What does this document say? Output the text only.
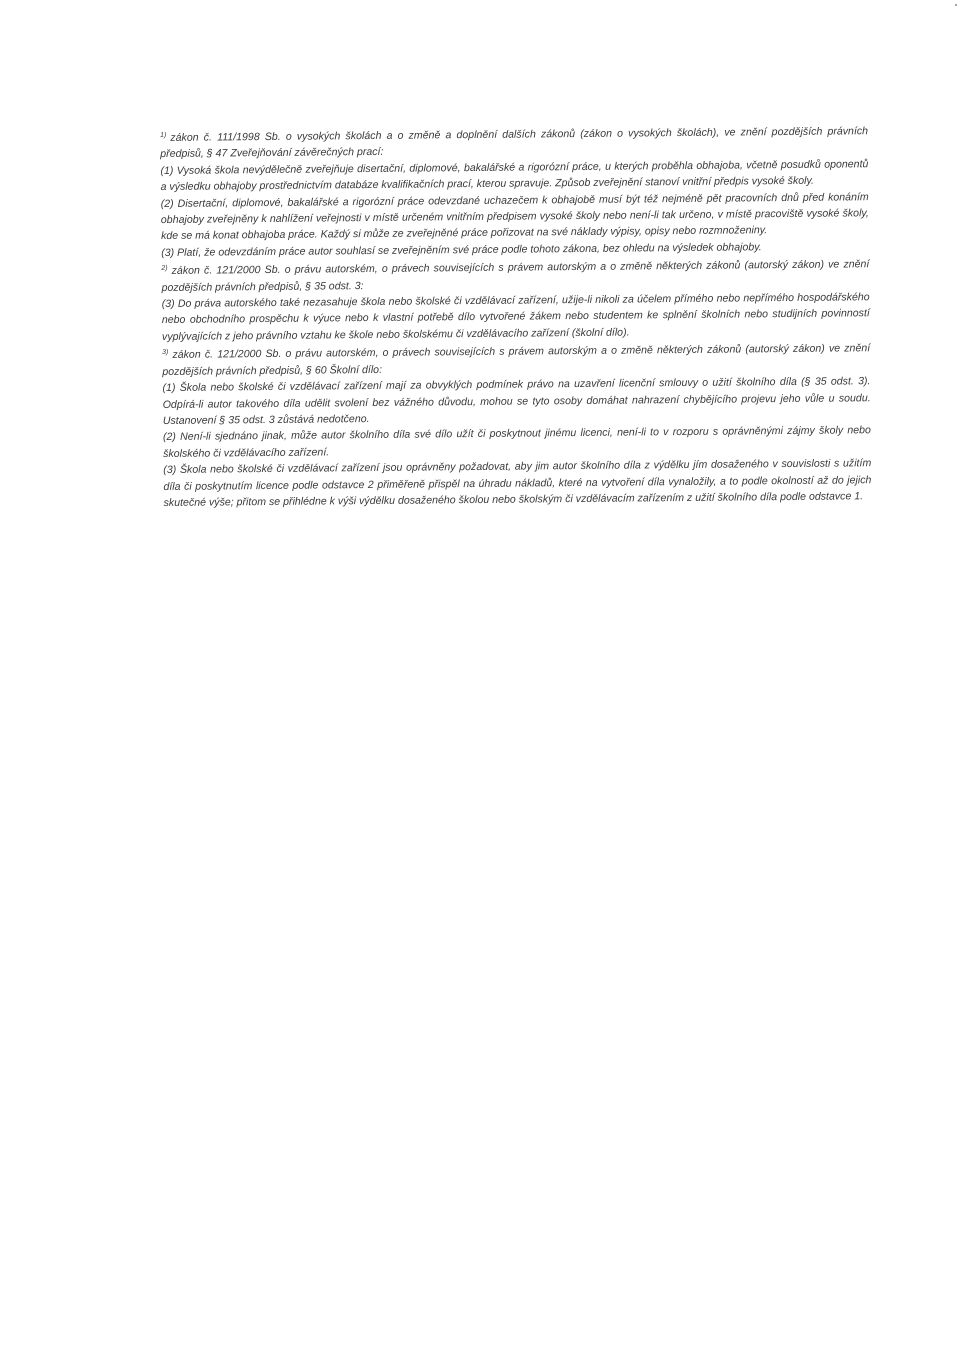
$^{1)}$ zákon č. 111/1998 Sb. o vysokých školách a o změně a doplnění dalších zákonů (zákon o vysokých školách), ve znění pozdějších právních předpisů, § 47 Zveřejňování závěrečných prací:

(1) Vysoká škola nevýdělečně zveřejňuje disertační, diplomové, bakalářské a rigorózní práce, u kterých proběhla obhajoba, včetně posudků oponentů a výsledku obhajoby prostřednictvím databáze kvalifikačních prací, kterou spravuje. Způsob zveřejnění stanoví vnitřní předpis vysoké školy.

(2) Disertační, diplomové, bakalářské a rigorózní práce odevzdané uchazečem k obhajobě musí být též nejméně pět pracovních dnů před konáním obhajoby zveřejněny k nahlížení veřejnosti v místě určeném vnitřním předpisem vysoké školy nebo není-li tak určeno, v místě pracoviště vysoké školy, kde se má konat obhajoba práce. Každý si může ze zveřejněné práce pořizovat na své náklady výpisy, opisy nebo rozmnoženiny.

(3) Platí, že odevzdáním práce autor souhlasí se zveřejněním své práce podle tohoto zákona, bez ohledu na výsledek obhajoby.

$^{2)}$ zákon č. 121/2000 Sb. o právu autorském, o právech souvisejících s právem autorským a o změně některých zákonů (autorský zákon) ve znění pozdějších právních předpisů, § 35 odst. 3:

(3) Do práva autorského také nezasahuje škola nebo školské či vzdělávací zařízení, užije-li nikoli za účelem přímého nebo nepřímého hospodářského nebo obchodního prospěchu k výuce nebo k vlastní potřebě dílo vytvořené žákem nebo studentem ke splnění školních nebo studijních povinností vyplývajících z jeho právního vztahu ke škole nebo školskému či vzdělávacího zařízení (školní dílo).

$^{3)}$ zákon č. 121/2000 Sb. o právu autorském, o právech souvisejících s právem autorským a o změně některých zákonů (autorský zákon) ve znění pozdějších právních předpisů, § 60 Školní dílo:

(1) Škola nebo školské či vzdělávací zařízení mají za obvyklých podmínek právo na uzavření licenční smlouvy o užití školního díla (§ 35 odst. 3). Odpírá-li autor takového díla udělit svolení bez vážného důvodu, mohou se tyto osoby domáhat nahrazení chybějícího projevu jeho vůle u soudu. Ustanovení § 35 odst. 3 zůstává nedotčeno.

(2) Není-li sjednáno jinak, může autor školního díla své dílo užít či poskytnout jinému licenci, není-li to v rozporu s oprávněnými zájmy školy nebo školského či vzdělávacího zařízení.

(3) Škola nebo školské či vzdělávací zařízení jsou oprávněny požadovat, aby jim autor školního díla z výdělku jím dosaženého v souvislosti s užitím díla či poskytnutím licence podle odstavce 2 přiměřeně přispěl na úhradu nákladů, které na vytvoření díla vynaložily, a to podle okolností až do jejich skutečné výše; přitom se přihlédne k výši výdělku dosaženého školou nebo školským či vzdělávacím zařízením z užití školního díla podle odstavce 1.
